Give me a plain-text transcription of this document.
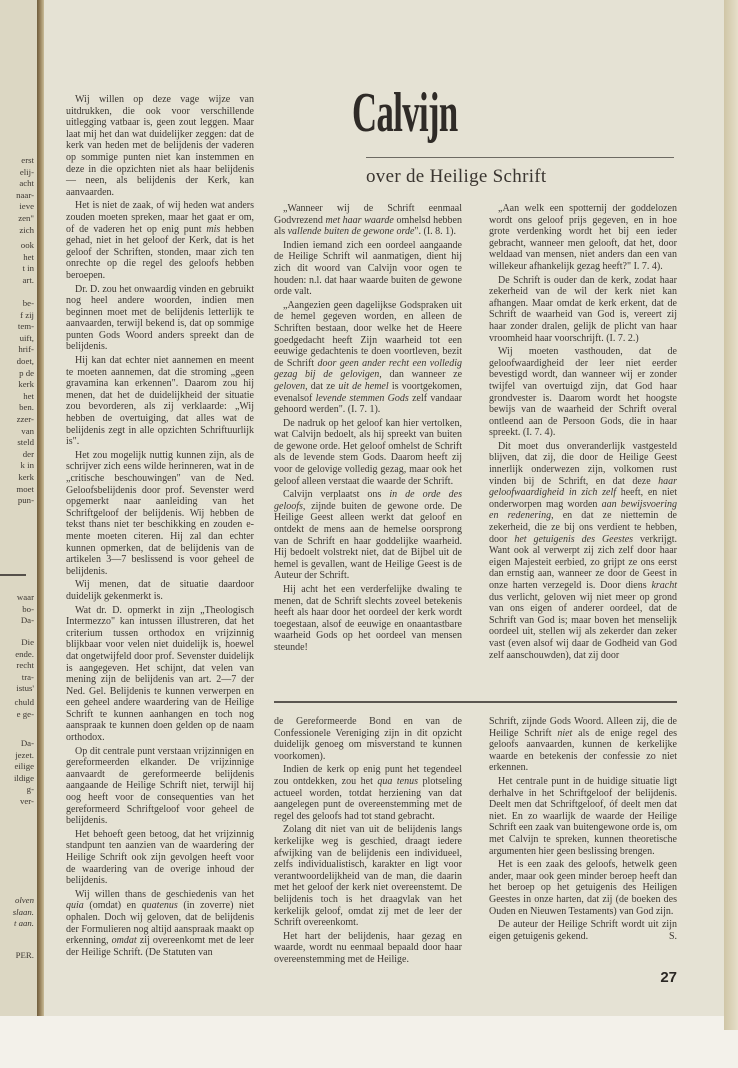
erst
elij-
acht
naar-
ieve
zen"
zich
ook
het
t in
art.
be-
f zij
tem-
uift,
hrif-
doet,
p de
kerk
het
ben.
zzer-
van
steld
der
k in
kerk
moet
pun-
waar
bo-
Da-
Die
ende.
recht
tra-
istus'
chuld
e ge-
Da-
jezet.
eilige
ildige
g-
ver-
olven
slaan.
t aan.
PER.
Calvijn
over de Heilige Schrift

Wij willen op deze vage wijze van uitdrukken, die ook voor verschillende uitlegging vatbaar is, geen zout leggen. Maar laat mij het dan wat duidelijker zeggen: dat de kerk van heden met de belijdenis der vaderen op sommige punten niet kan instemmen en deze in die opzichten niet als haar belijdenis — neen, als belijdenis der Kerk, kan aanvaarden.

Het is niet de zaak, of wij heden wat anders zouden moeten spreken, maar het gaat er om, of de vaderen het op enig punt mis hebben gehad, niet in het geloof der Kerk, dat is het geloof der Schriften, stonden, maar zich ten onrechte op die regel des geloofs hebben beroepen.

Dr. D. zou het onwaardig vinden en gebruikt nog heel andere woorden, indien men beginnen moet met de belijdenis letterlijk te aanvaarden, terwijl bekend is, dat op sommige punten Gods Woord anders spreekt dan de belijdenis.

Hij kan dat echter niet aannemen en meent te moeten aannemen, dat die stroming „geen gravamina kan erkennen". Daarom zou hij menen, dat het de duidelijkheid der situatie zou bevorderen, als zij verklaarde: „Wij hebben de overtuiging, dat alles wat de belijdenis zegt in alle opzichten Schriftuurlijk is".

Het zou mogelijk nuttig kunnen zijn, als de schrijver zich eens wilde herinneren, wat in de „critische beschouwingen" van de Ned. Geloofsbelijdenis door prof. Sevenster werd opgemerkt naar aanleiding van het Schriftgeloof der belijdenis. Wij hebben de tekst thans niet ter beschikking en zouden e-mente moeten citeren. Hij zal dan echter kunnen opmerken, dat de belijdenis van de artikelen 3—7 beslissend is voor geheel de belijdenis.

Wij menen, dat de situatie daardoor duidelijk gekenmerkt is.

Wat dr. D. opmerkt in zijn „Theologisch Intermezzo" kan intussen illustreren, dat het criterium tussen orthodox en vrijzinnig blijkbaar voor velen niet duidelijk is, hoewel dat ongetwijfeld door prof. Sevenster duidelijk is aangegeven. Het schijnt, dat velen van mening zijn de belijdenis van art. 2—7 der Ned. Gel. Belijdenis te kunnen verwerpen en een geheel andere waardering van de Heilige Schrift te kunnen aanhangen en toch nog aanspraak te kunnen doen gelden op de naam orthodox.

Op dit centrale punt verstaan vrijzinnigen en gereformeerden elkander. De vrijzinnige aanvaardt de gereformeerde belijdenis aangaande de Heilige Schrift niet, terwijl hij oog heeft voor de consequenties van het gereformeerd Schriftgeloof voor geheel de belijdenis.

Het behoeft geen betoog, dat het vrijzinnig standpunt ten aanzien van de waardering der Heilige Schrift ook zijn gevolgen heeft voor de waardering van de overige inhoud der belijdenis.

Wij willen thans de geschiedenis van het quia (omdat) en quatenus (in zoverre) niet ophalen. Doch wij geloven, dat de belijdenis der Formulieren nog altijd aanspraak maakt op erkenning, omdat zij overeenkomt met de leer der Heilige Schrift. (De Statuten van

„Wanneer wij de Schrift eenmaal Godvrezend met haar waarde omhelsd hebben als vallende buiten de gewone orde". (I. 8. 1).

Indien iemand zich een oordeel aangaande de Heilige Schrift wil aanmatigen, dient hij zich dit woord van Calvijn voor ogen te houden: n.l. dat haar waarde buiten de gewone orde valt.

„Aangezien geen dagelijkse Godspraken uit de hemel gegeven worden, en alleen de Schriften bestaan, door welke het de Heere goedgedacht heeft Zijn waarheid tot een eeuwige gedachtenis te doen voortleven, bezit de Schrift door geen ander recht een volledig gezag bij de gelovigen, dan wanneer ze geloven, dat ze uit de hemel is voortgekomen, evenalsof levende stemmen Gods zelf vandaar gehoord werden". (I. 7. 1).

De nadruk op het geloof kan hier vertolken, wat Calvijn bedoelt, als hij spreekt van buiten de gewone orde. Het geloof omhelst de Schrift als de levende stem Gods. Daarom heeft zij voor de gelovige volledig gezag, maar ook het geloof alleen verstaat die waarde der Schrift.

Calvijn verplaatst ons in de orde des geloofs, zijnde buiten de gewone orde. De Heilige Geest alleen werkt dat geloof en ontdekt de mens aan de hemelse oorsprong van de Schrift en haar goddelijke waarheid. Hij bedoelt volstrekt niet, dat de Bijbel uit de hemel is gevallen, want de Heilige Geest is de Auteur der Schrift.

Hij acht het een verderfelijke dwaling te menen, dat de Schrift slechts zoveel betekenis heeft als haar door het oordeel der kerk wordt toegestaan, alsof de eeuwige en onaantastbare waarheid Gods op het oordeel van mensen steunde!

„Aan welk een spotternij der goddelozen wordt ons geloof prijs gegeven, en in hoe grote verdenking wordt het bij een ieder gebracht, wanneer men gelooft, dat het, door weldaad van mensen, niet anders dan een van willekeur afhankelijk gezag heeft?" I. 7. 4).

De Schrift is ouder dan de kerk, zodat haar zekerheid van de wil der kerk niet kan afhangen. Maar omdat de kerk erkent, dat de Schrift de waarheid van God is, vereert zij haar zonder dralen, gelijk de plicht van haar vroomheid haar voorschrijft. (I. 7. 2.)

Wij moeten vasthouden, dat de geloofwaardigheid der leer niet eerder bevestigd wordt, dan wanneer wij er zonder twijfel van overtuigd zijn, dat God haar grondvester is. Daarom wordt het hoogste bewijs van de waarheid der Schrift overal ontleend aan de Persoon Gods, die in haar spreekt. (I. 7. 4).

Dit moet dus onveranderlijk vastgesteld blijven, dat zij, die door de Heilige Geest innerlijk onderwezen zijn, volkomen rust vinden bij de Schrift, en dat deze haar geloofwaardigheid in zich zelf heeft, en niet onderworpen mag worden aan bewijsvoering en redenering, en dat ze niettemin de zekerheid, die ze bij ons verdient te hebben, door het getuigenis des Geestes verkrijgt. Want ook al verwerpt zij zich zelf door haar eigen Majesteit eerbied, zo grijpt ze ons eerst dan ernstig aan, wanneer ze door de Geest in onze harten verzegeld is. Door diens kracht dus verlicht, geloven wij niet meer op grond van ons eigen of anderer oordeel, dat de Schrift van God is; maar boven het menselijk oordeel uit, stellen wij als zekerder dan zeker vast (even alsof wij daar de Godheid van God zelf aanschouwden), dat zij door

de Gereformeerde Bond en van de Confessionele Vereniging zijn in dit opzicht duidelijk genoeg om misverstand te kunnen voorkomen).

Indien de kerk op enig punt het tegendeel zou ontdekken, zou het qua tenus plotseling actueel worden, totdat herziening van dat aangelegen punt de overeenstemming met de regel des geloofs had tot stand gebracht.

Zolang dit niet van uit de belijdenis langs kerkelijke weg is geschied, draagt iedere afwijking van de belijdenis een individueel, zelfs individualistisch, karakter en ligt voor verantwoordelijkheid van de man, die daarin met het geloof der kerk niet overeenstemt. De belijdenis toch is het draagvlak van het kerkelijk geloof, omdat zij met de leer der Schrift overeenkomt.

Het hart der belijdenis, haar gezag en waarde, wordt nu eenmaal bepaald door haar overeenstemming met de Heilige.

Schrift, zijnde Gods Woord. Alleen zij, die de Heilige Schrift niet als de enige regel des geloofs aanvaarden, kunnen de kerkelijke waarde en betekenis der confessie zo niet erkennen.

Het centrale punt in de huidige situatie ligt derhalve in het Schriftgeloof der belijdenis. Deelt men dat Schriftgeloof, óf deelt men dat niet. En zo waarlijk de waarde der Heilige Schrift een zaak van buitengewone orde is, om met Calvijn te spreken, kunnen theoretische argumenten hier geen beslissing brengen.

Het is een zaak des geloofs, hetwelk geen ander, maar ook geen minder beroep heeft dan het beroep op het getuigenis des Heiligen Geestes in onze harten, dat zij (de boeken des Ouden en Nieuwen Testaments) van God zijn.

De auteur der Heilige Schrift wordt uit zijn eigen getuigenis gekend.	S.

27
